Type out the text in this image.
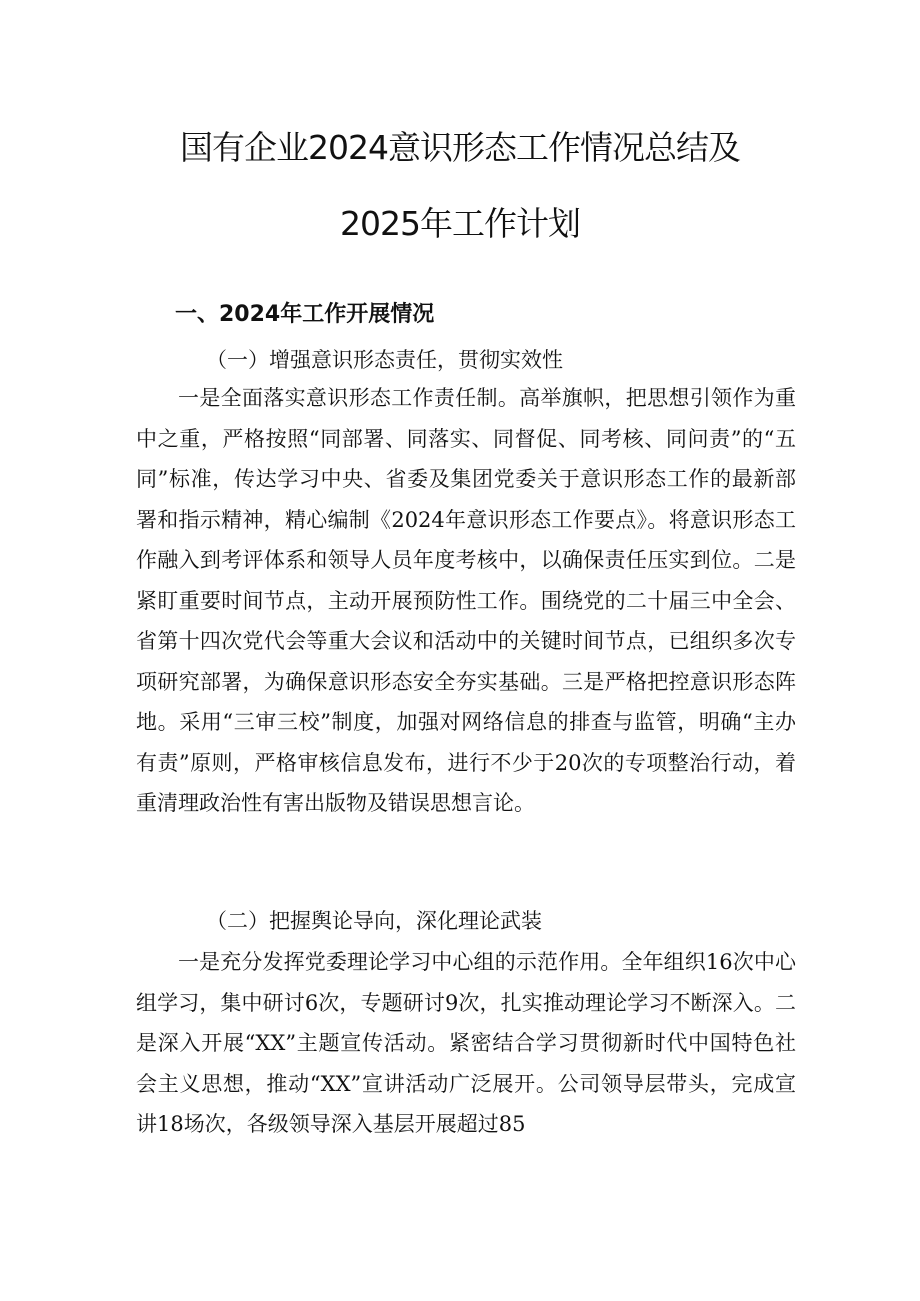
国有企业2024意识形态工作情况总结及
2025年工作计划
一、2024年工作开展情况
（一）增强意识形态责任，贯彻实效性

一是全面落实意识形态工作责任制。高举旗帜，把思想引领作为重中之重，严格按照“同部署、同落实、同督促、同考核、同问责”的“五同”标准，传达学习中央、省委及集团党委关于意识形态工作的最新部署和指示精神，精心编制《2024年意识形态工作要点》。将意识形态工作融入到考评体系和领导人员年度考核中，以确保责任压实到位。二是紧盯重要时间节点，主动开展预防性工作。围绕党的二十届三中全会、省第十四次党代会等重大会议和活动中的关键时间节点，已组织多次专项研究部署，为确保意识形态安全夯实基础。三是严格把控意识形态阵地。采用“三审三校”制度，加强对网络信息的排查与监管，明确“主办有责”原则，严格审核信息发布，进行不少于20次的专项整治行动，着重清理政治性有害出版物及错误思想言论。

（二）把握舆论导向，深化理论武装

一是充分发挥党委理论学习中心组的示范作用。全年组织16次中心组学习，集中研讨6次，专题研讨9次，扎实推动理论学习不断深入。二是深入开展“XX”主题宣传活动。紧密结合学习贯彻新时代中国特色社会主义思想，推动“XX”宣讲活动广泛展开。公司领导层带头，完成宣讲18场次，各级领导深入基层开展超过85
